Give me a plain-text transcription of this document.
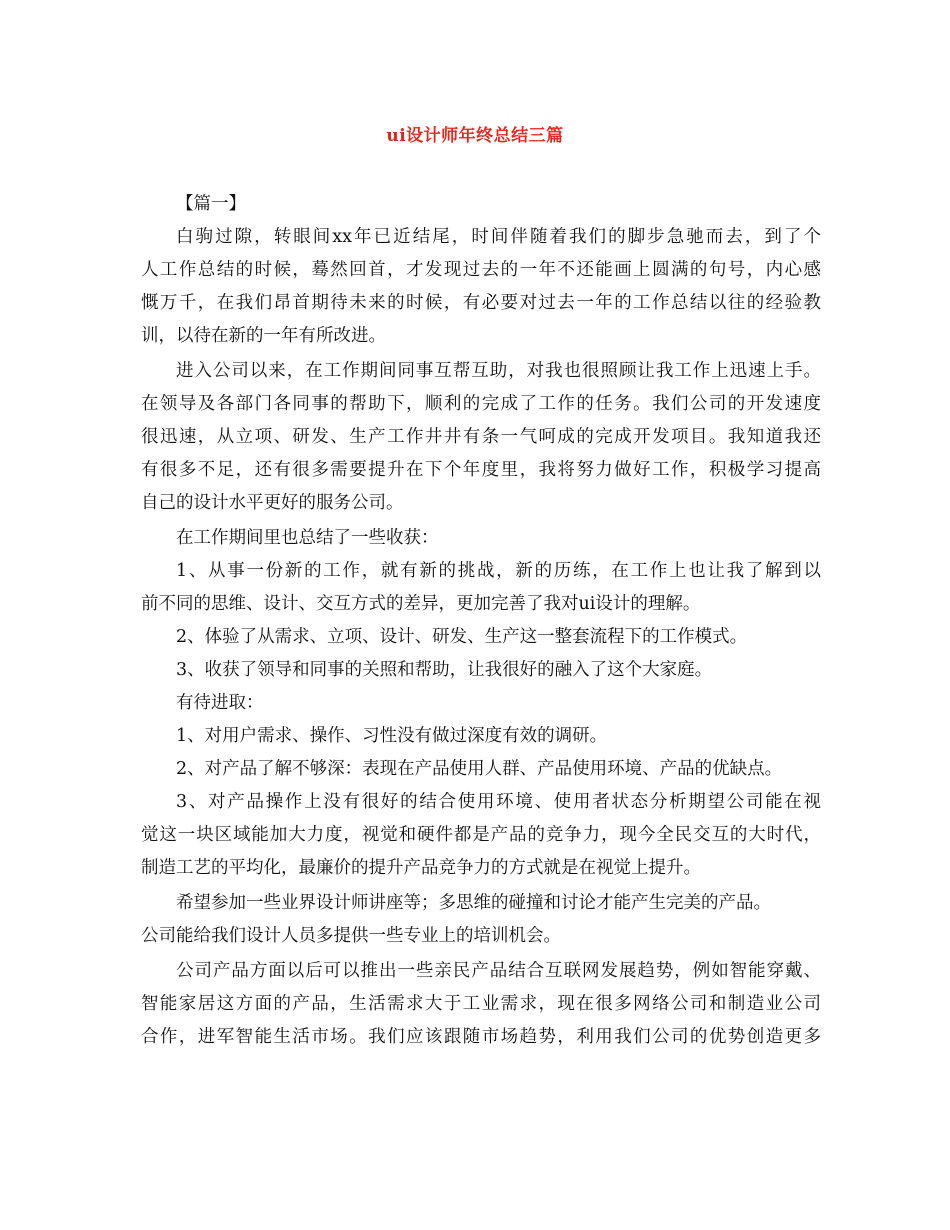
ui设计师年终总结三篇
【篇一】
白驹过隙，转眼间xx年已近结尾，时间伴随着我们的脚步急驰而去，到了个
人工作总结的时候，蓦然回首，才发现过去的一年不还能画上圆满的句号，内心感
慨万千，在我们昂首期待未来的时候，有必要对过去一年的工作总结以往的经验教
训，以待在新的一年有所改进。
进入公司以来，在工作期间同事互帮互助，对我也很照顾让我工作上迅速上手。
在领导及各部门各同事的帮助下，顺利的完成了工作的任务。我们公司的开发速度
很迅速，从立项、研发、生产工作井井有条一气呵成的完成开发项目。我知道我还
有很多不足，还有很多需要提升在下个年度里，我将努力做好工作，积极学习提高
自己的设计水平更好的服务公司。
在工作期间里也总结了一些收获：
1、从事一份新的工作，就有新的挑战，新的历练，在工作上也让我了解到以
前不同的思维、设计、交互方式的差异，更加完善了我对ui设计的理解。
2、体验了从需求、立项、设计、研发、生产这一整套流程下的工作模式。
3、收获了领导和同事的关照和帮助，让我很好的融入了这个大家庭。
有待进取：
1、对用户需求、操作、习性没有做过深度有效的调研。
2、对产品了解不够深：表现在产品使用人群、产品使用环境、产品的优缺点。
3、对产品操作上没有很好的结合使用环境、使用者状态分析期望公司能在视
觉这一块区域能加大力度，视觉和硬件都是产品的竞争力，现今全民交互的大时代，
制造工艺的平均化，最廉价的提升产品竞争力的方式就是在视觉上提升。
希望参加一些业界设计师讲座等；多思维的碰撞和讨论才能产生完美的产品。
公司能给我们设计人员多提供一些专业上的培训机会。
公司产品方面以后可以推出一些亲民产品结合互联网发展趋势，例如智能穿戴、
智能家居这方面的产品，生活需求大于工业需求，现在很多网络公司和制造业公司
合作，进军智能生活市场。我们应该跟随市场趋势，利用我们公司的优势创造更多
